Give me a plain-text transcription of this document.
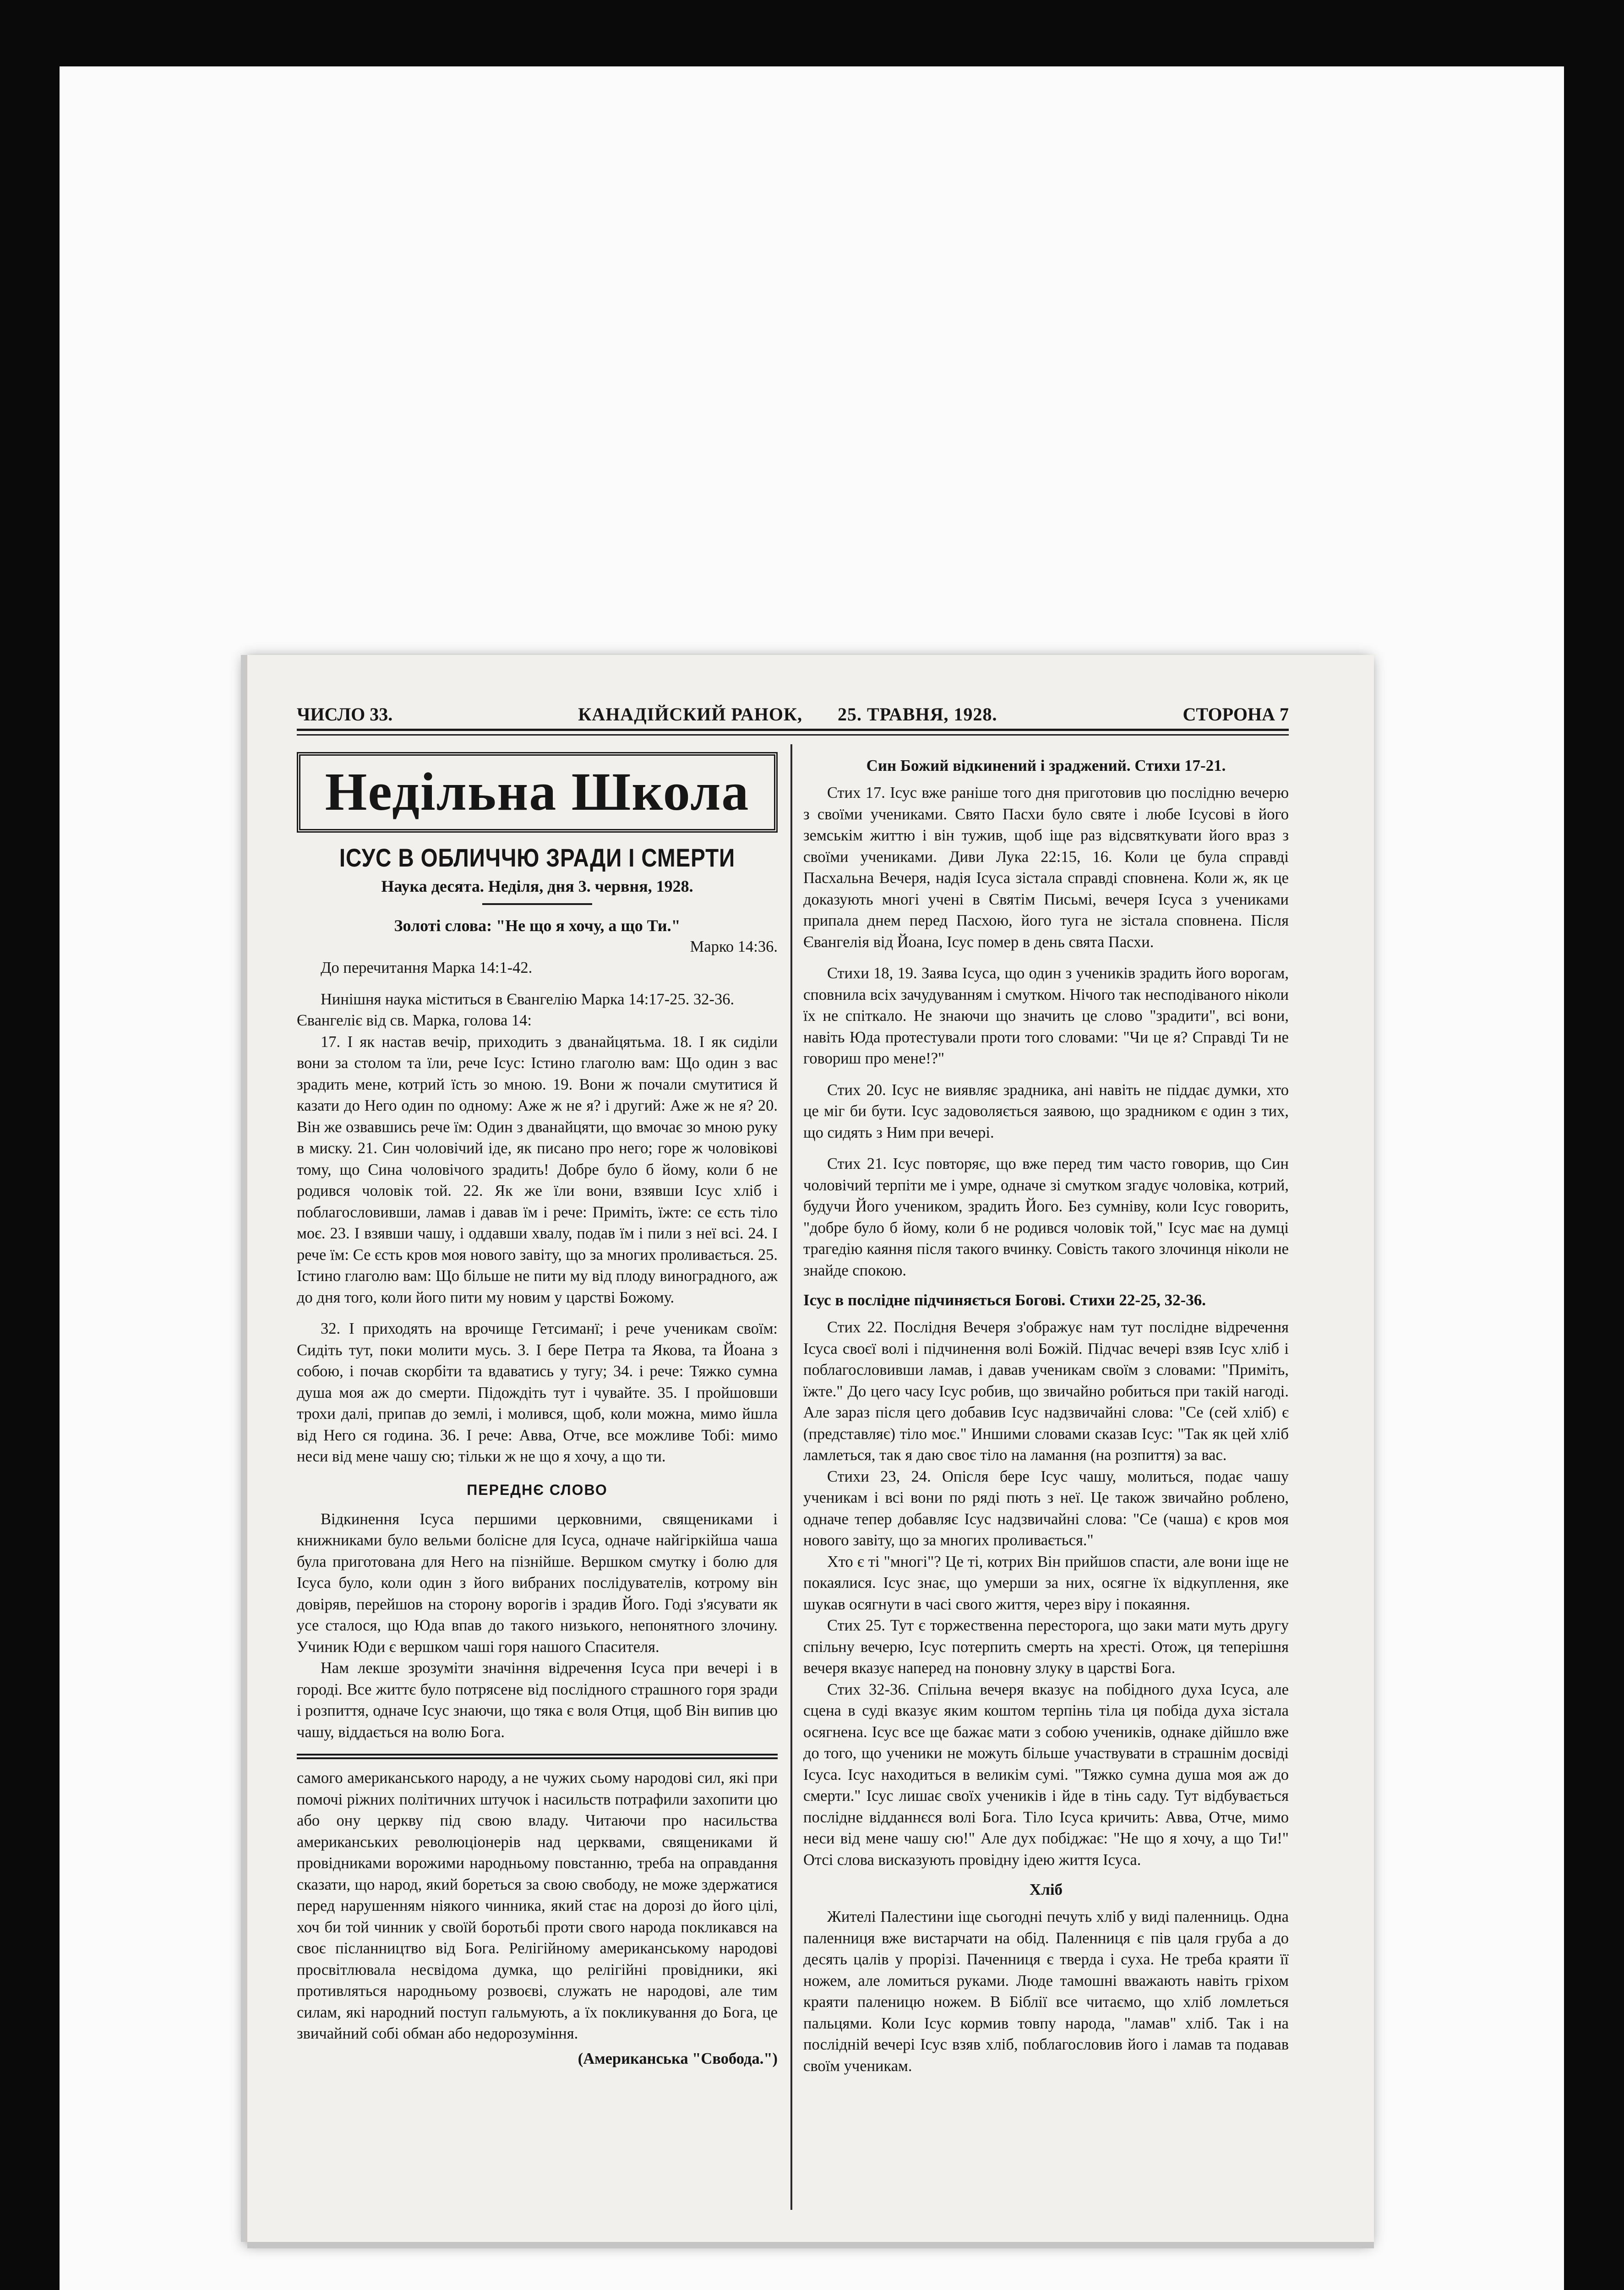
ЧИСЛО 33.	КАНАДІЙСКИЙ РАНОК, 25. ТРАВНЯ, 1928.	СТОРОНА 7
Недільна Школа
ІСУС В ОБЛИЧЧЮ ЗРАДИ І СМЕРТИ
Наука десята. Неділя, дня 3. червня, 1928.
Золоті слова: "Не що я хочу, а що Ти."
Марко 14:36.

До перечитання Марка 14:1-42.

Нинішня наука міститься в Євангелію Марка 14:17-25. 32-36.

Євангеліє від св. Марка, голова 14:

17. І як настав вечір, приходить з дванайцятьма. 18. І як сиділи вони за столом та їли, рече Ісус: Істино глаголю вам: Що один з вас зрадить мене, котрий їсть зо мною. 19. Вони ж почали смутитися й казати до Него один по одному: Аже ж не я? і другий: Аже ж не я? 20. Він же озвавшись рече їм: Один з дванайцяти, що вмочає зо мною руку в миску. 21. Син чоловічий іде, як писано про него; горе ж чоловікові тому, що Сина чоловічого зрадить! Добре було б йому, коли б не родився чоловік той. 22. Як же їли вони, взявши Ісус хліб і поблагословивши, ламав і давав їм і рече: Приміть, їжте: се єсть тіло моє. 23. І взявши чашу, і оддавши хвалу, подав їм і пили з неї всі. 24. І рече їм: Се єсть кров моя нового завіту, що за многих проливається. 25. Істино глаголю вам: Що більше не пити му від плоду виноградного, аж до дня того, коли його пити му новим у царстві Божому.

32. І приходять на врочище Гетсиманї; і рече ученикам своїм: Сидіть тут, поки молити мусь. 3. І бере Петра та Якова, та Йоана з собою, і почав скорбіти та вдаватись у тугу; 34. і рече: Тяжко сумна душа моя аж до смерти. Підождіть тут і чувайте. 35. І пройшовши трохи далі, припав до землі, і молився, щоб, коли можна, мимо йшла від Него ся година. 36. І рече: Авва, Отче, все можливе Тобі: мимо неси від мене чашу сю; тільки ж не що я хочу, а що ти.

ПЕРЕДНЄ СЛОВО

Відкинення Ісуса першими церковними, священиками і книжниками було вельми болісне для Ісуса, одначе найгіркійша чаша була приготована для Него на пізнійше. Вершком смутку і болю для Ісуса було, коли один з його вибраних послідувателів, котрому він довіряв, перейшов на сторону ворогів і зрадив Його. Годі з'ясувати як усе сталося, що Юда впав до такого низького, непонятного злочину. Учиник Юди є вершком чаші горя нашого Спасителя.

Нам лекше зрозуміти значіння відречення Ісуса при вечері і в городі. Все життє було потрясене від послідного страшного горя зради і розпиття, одначе Ісус знаючи, що тяка є воля Отця, щоб Він випив цю чашу, віддається на волю Бога.

самого американського народу, а не чужих сьому народові сил, які при помочі ріжних політичних штучок і насильств потрафили захопити цю або ону церкву під свою владу. Читаючи про насильства американських революціонерів над церквами, священиками й провідниками ворожими народньому повстанню, треба на оправдання сказати, що народ, який бореться за свою свободу, не може здержатися перед нарушенням ніякого чинника, який стає на дорозі до його цілі, хоч би той чинник у своїй боротьбі проти свого народа покликався на своє післанництво від Бога. Релігійному американському народові просвітлювала несвідома думка, що релігійні провідники, які противляться народньому розвоєві, служать не народові, але тим силам, які народний поступ гальмують, а їх покликування до Бога, це звичайний собі обман або недорозуміння.

(Американська "Свобода.")
Син Божий відкинений і зраджений. Стихи 17-21.

Стих 17. Ісус вже раніше того дня приготовив цю послідню вечерю з своїми учениками. Свято Пасхи було святе і любе Ісусові в його земськім життю і він тужив, щоб іще раз відсвяткувати його враз з своїми учениками. Диви Лука 22:15, 16. Коли це була справді Пасхальна Вечеря, надія Ісуса зістала справді сповнена. Коли ж, як це доказують многі учені в Святім Письмі, вечеря Ісуса з учениками припала днем перед Пасхою, його туга не зістала сповнена. Після Євангелія від Йоана, Ісус помер в день свята Пасхи.

Стихи 18, 19. Заява Ісуса, що один з учеників зрадить його ворогам, сповнила всіх зачудуванням і смутком. Нічого так несподіваного ніколи їх не спіткало. Не знаючи що значить це слово "зрадити", всі вони, навіть Юда протестували проти того словами: "Чи це я? Справді Ти не говориш про мене!?"

Стих 20. Ісус не виявляє зрадника, ані навіть не піддає думки, хто це міг би бути. Ісус задоволяється заявою, що зрадником є один з тих, що сидять з Ним при вечері.

Стих 21. Ісус повторяє, що вже перед тим часто говорив, що Син чоловічий терпіти ме і умре, одначе зі смутком згадує чоловіка, котрий, будучи Його учеником, зрадить Його. Без сумніву, коли Ісус говорить, "добре було б йому, коли б не родився чоловік той," Ісус має на думці трагедію каяння після такого вчинку. Совість такого злочинця ніколи не знайде спокою.

Ісус в послідне підчиняється Богові. Стихи 22-25, 32-36.

Стих 22. Послідня Вечеря з'ображує нам тут послідне відречення Ісуса своєї волі і підчинення волі Божій. Підчас вечері взяв Ісус хліб і поблагословивши ламав, і давав ученикам своїм з словами: "Приміть, їжте." До цего часу Ісус робив, що звичайно робиться при такій нагоді. Але зараз після цего добавив Ісус надзвичайні слова: "Се (сей хліб) є (представляє) тіло моє." Иншими словами сказав Ісус: "Так як цей хліб ламлеться, так я даю своє тіло на ламання (на розпиття) за вас.

Стихи 23, 24. Опісля бере Ісус чашу, молиться, подає чашу ученикам і всі вони по ряді пють з неї. Це також звичайно роблено, одначе тепер добавляє Ісус надзвичайні слова: "Се (чаша) є кров моя нового завіту, що за многих проливається."

Хто є ті "многі"? Це ті, котрих Він прийшов спасти, але вони іще не покаялися. Ісус знає, що умерши за них, осягне їх відкуплення, яке шукав осягнути в часі свого життя, через віру і покаяння.

Стих 25. Тут є торжественна пересторога, що заки мати муть другу спільну вечерю, Ісус потерпить смерть на хресті. Отож, ця теперішня вечеря вказує наперед на поновну злуку в царстві Бога.

Стих 32-36. Спільна вечеря вказує на побідного духа Ісуса, але сцена в суді вказує яким коштом терпінь тіла ця побіда духа зістала осягнена. Ісус все ще бажає мати з собою учеників, однаке дійшло вже до того, що ученики не можуть більше участвувати в страшнім досвіді Ісуса. Ісус находиться в великім сумі. "Тяжко сумна душа моя аж до смерти." Ісус лишає своїх учеників і йде в тінь саду. Тут відбувається послідне відданнєся волі Бога. Тіло Ісуса кричить: Авва, Отче, мимо неси від мене чашу сю!" Але дух побіджає: "Не що я хочу, а що Ти!" Отсі слова висказують провідну ідею життя Ісуса.

Хліб

Жителі Палестини іще сьогодні печуть хліб у виді паленниць. Одна паленниця вже вистарчати на обід. Паленниця є пів цаля груба а до десять цалів у прорізі. Паченниця є тверда і суха. Не треба краяти її ножем, але ломиться руками. Люде тамошні вважають навіть гріхом краяти паленицю ножем. В Біблії все читаємо, що хліб ломлеться пальцями. Коли Ісус кормив товпу народа, "ламав" хліб. Так і на послідній вечері Ісус взяв хліб, поблагословив його і ламав та подавав своїм ученикам.
